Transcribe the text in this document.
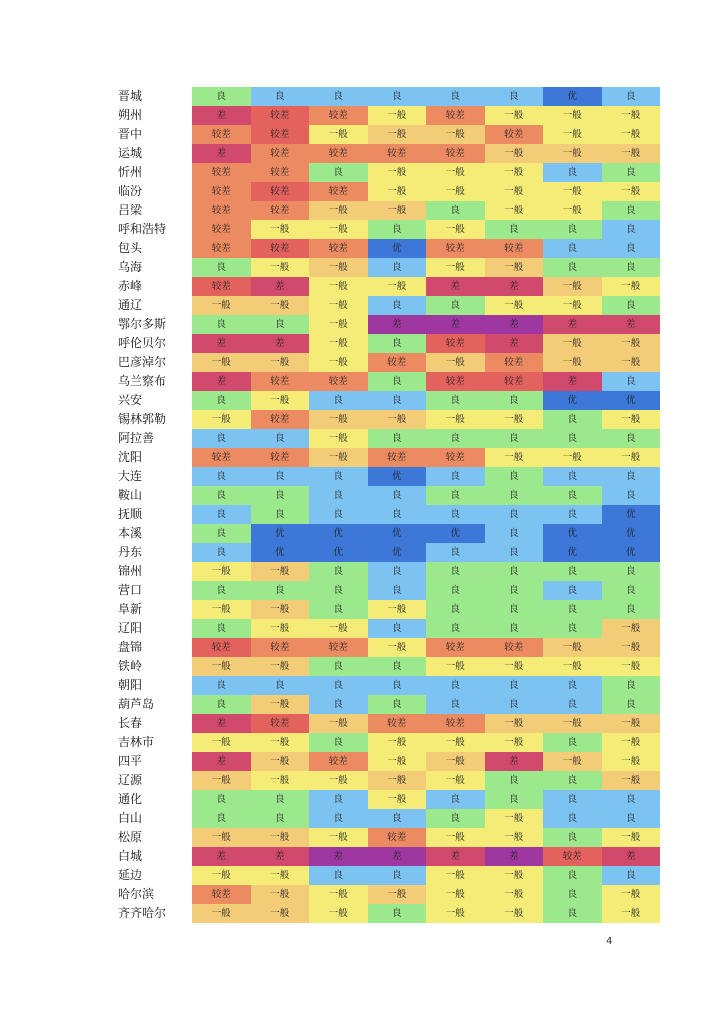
晋城	良	良	良	良	良	良	优	良
朔州	差	较差	较差	一般	较差	一般	一般	一般
晋中	较差	较差	一般	一般	一般	较差	一般	一般
运城	差	较差	较差	较差	较差	一般	一般	一般
忻州	较差	较差	良	一般	一般	一般	良	良
临汾	较差	较差	较差	一般	一般	一般	一般	一般
吕梁	较差	较差	一般	一般	良	一般	一般	良
呼和浩特	较差	一般	一般	良	一般	良	良	良
包头	较差	较差	较差	优	较差	较差	良	良
乌海	良	一般	一般	良	一般	一般	良	良
赤峰	较差	差	一般	一般	差	差	一般	一般
通辽	一般	一般	一般	良	良	一般	一般	良
鄂尔多斯	良	良	一般	差	差	差	差	差
呼伦贝尔	差	差	一般	良	较差	差	一般	一般
巴彦淖尔	一般	一般	一般	较差	一般	较差	一般	一般
乌兰察布	差	较差	较差	良	较差	较差	差	良
兴安	良	一般	良	良	良	良	优	优
锡林郭勒	一般	较差	一般	一般	一般	一般	良	一般
阿拉善	良	良	一般	良	良	良	良	良
沈阳	较差	较差	一般	较差	较差	一般	一般	一般
大连	良	良	良	优	良	良	良	良
鞍山	良	良	良	良	良	良	良	良
抚顺	良	良	良	良	良	良	良	优
本溪	良	优	优	优	优	良	优	优
丹东	良	优	优	优	良	良	优	优
锦州	一般	一般	良	良	良	良	良	良
营口	良	良	良	良	良	良	良	良
阜新	一般	一般	良	一般	良	良	良	良
辽阳	良	一般	一般	良	良	良	良	一般
盘锦	较差	较差	较差	一般	较差	较差	一般	一般
铁岭	一般	一般	良	良	一般	一般	一般	一般
朝阳	良	良	良	良	良	良	良	良
葫芦岛	良	一般	良	良	良	良	良	良
长春	差	较差	一般	较差	较差	一般	一般	一般
吉林市	一般	一般	良	一般	一般	一般	良	一般
四平	差	一般	较差	一般	一般	差	一般	一般
辽源	一般	一般	一般	一般	一般	良	良	一般
通化	良	良	良	一般	良	良	良	良
白山	良	良	良	良	良	一般	良	良
松原	一般	一般	一般	较差	一般	一般	良	一般
白城	差	差	差	差	差	差	较差	差
延边	一般	一般	良	良	一般	一般	良	良
哈尔滨	较差	一般	一般	一般	一般	一般	良	一般
齐齐哈尔	一般	一般	一般	良	一般	一般	良	一般
4
